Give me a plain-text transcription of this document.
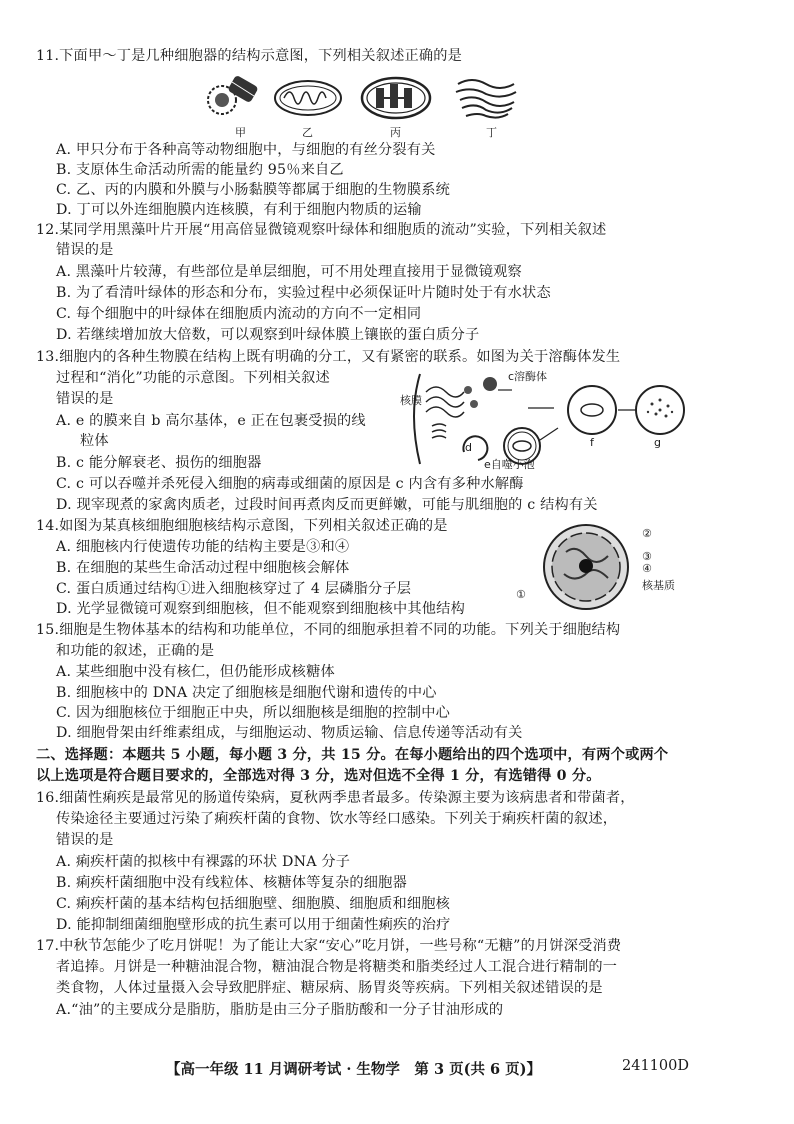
11.下面甲～丁是几种细胞器的结构示意图，下列相关叙述正确的是
甲	乙	丙	丁
A. 甲只分布于各种高等动物细胞中，与细胞的有丝分裂有关
B. 支原体生命活动所需的能量约 95％来自乙
C. 乙、丙的内膜和外膜与小肠黏膜等都属于细胞的生物膜系统
D. 丁可以外连细胞膜内连核膜，有利于细胞内物质的运输
12.某同学用黑藻叶片开展“用高倍显微镜观察叶绿体和细胞质的流动”实验，下列相关叙述
错误的是
A. 黑藻叶片较薄，有些部位是单层细胞，可不用处理直接用于显微镜观察
B. 为了看清叶绿体的形态和分布，实验过程中必须保证叶片随时处于有水状态
C. 每个细胞中的叶绿体在细胞质内流动的方向不一定相同
D. 若继续增加放大倍数，可以观察到叶绿体膜上镶嵌的蛋白质分子
13.细胞内的各种生物膜在结构上既有明确的分工，又有紧密的联系。如图为关于溶酶体发生
过程和“消化”功能的示意图。下列相关叙述
错误的是
A. e 的膜来自 b 高尔基体，e 正在包裹受损的线
粒体
B. c 能分解衰老、损伤的细胞器
C. c 可以吞噬并杀死侵入细胞的病毒或细菌的原因是 c 内含有多种水解酶
D. 现宰现煮的家禽肉质老，过段时间再煮肉反而更鲜嫩，可能与肌细胞的 c 结构有关
核膜
c溶酶体
e自噬小泡
d	f	g
14.如图为某真核细胞细胞核结构示意图，下列相关叙述正确的是
A. 细胞核内行使遗传功能的结构主要是③和④
B. 在细胞的某些生命活动过程中细胞核会解体
C. 蛋白质通过结构①进入细胞核穿过了 4 层磷脂分子层
D. 光学显微镜可观察到细胞核，但不能观察到细胞核中其他结构
②
③
④
核基质
①
15.细胞是生物体基本的结构和功能单位，不同的细胞承担着不同的功能。下列关于细胞结构
和功能的叙述，正确的是
A. 某些细胞中没有核仁，但仍能形成核糖体
B. 细胞核中的 DNA 决定了细胞核是细胞代谢和遗传的中心
C. 因为细胞核位于细胞正中央，所以细胞核是细胞的控制中心
D. 细胞骨架由纤维素组成，与细胞运动、物质运输、信息传递等活动有关
二、选择题：本题共 5 小题，每小题 3 分，共 15 分。在每小题给出的四个选项中，有两个或两个
以上选项是符合题目要求的，全部选对得 3 分，选对但选不全得 1 分，有选错得 0 分。
16.细菌性痢疾是最常见的肠道传染病，夏秋两季患者最多。传染源主要为该病患者和带菌者，
传染途径主要通过污染了痢疾杆菌的食物、饮水等经口感染。下列关于痢疾杆菌的叙述，
错误的是
A. 痢疾杆菌的拟核中有裸露的环状 DNA 分子
B. 痢疾杆菌细胞中没有线粒体、核糖体等复杂的细胞器
C. 痢疾杆菌的基本结构包括细胞壁、细胞膜、细胞质和细胞核
D. 能抑制细菌细胞壁形成的抗生素可以用于细菌性痢疾的治疗
17.中秋节怎能少了吃月饼呢！为了能让大家“安心”吃月饼，一些号称“无糖”的月饼深受消费
者追捧。月饼是一种糖油混合物，糖油混合物是将糖类和脂类经过人工混合进行精制的一
类食物，人体过量摄入会导致肥胖症、糖尿病、肠胃炎等疾病。下列相关叙述错误的是
A.“油”的主要成分是脂肪，脂肪是由三分子脂肪酸和一分子甘油形成的
【高一年级 11 月调研考试 · 生物学　第 3 页(共 6 页)】	241100D
